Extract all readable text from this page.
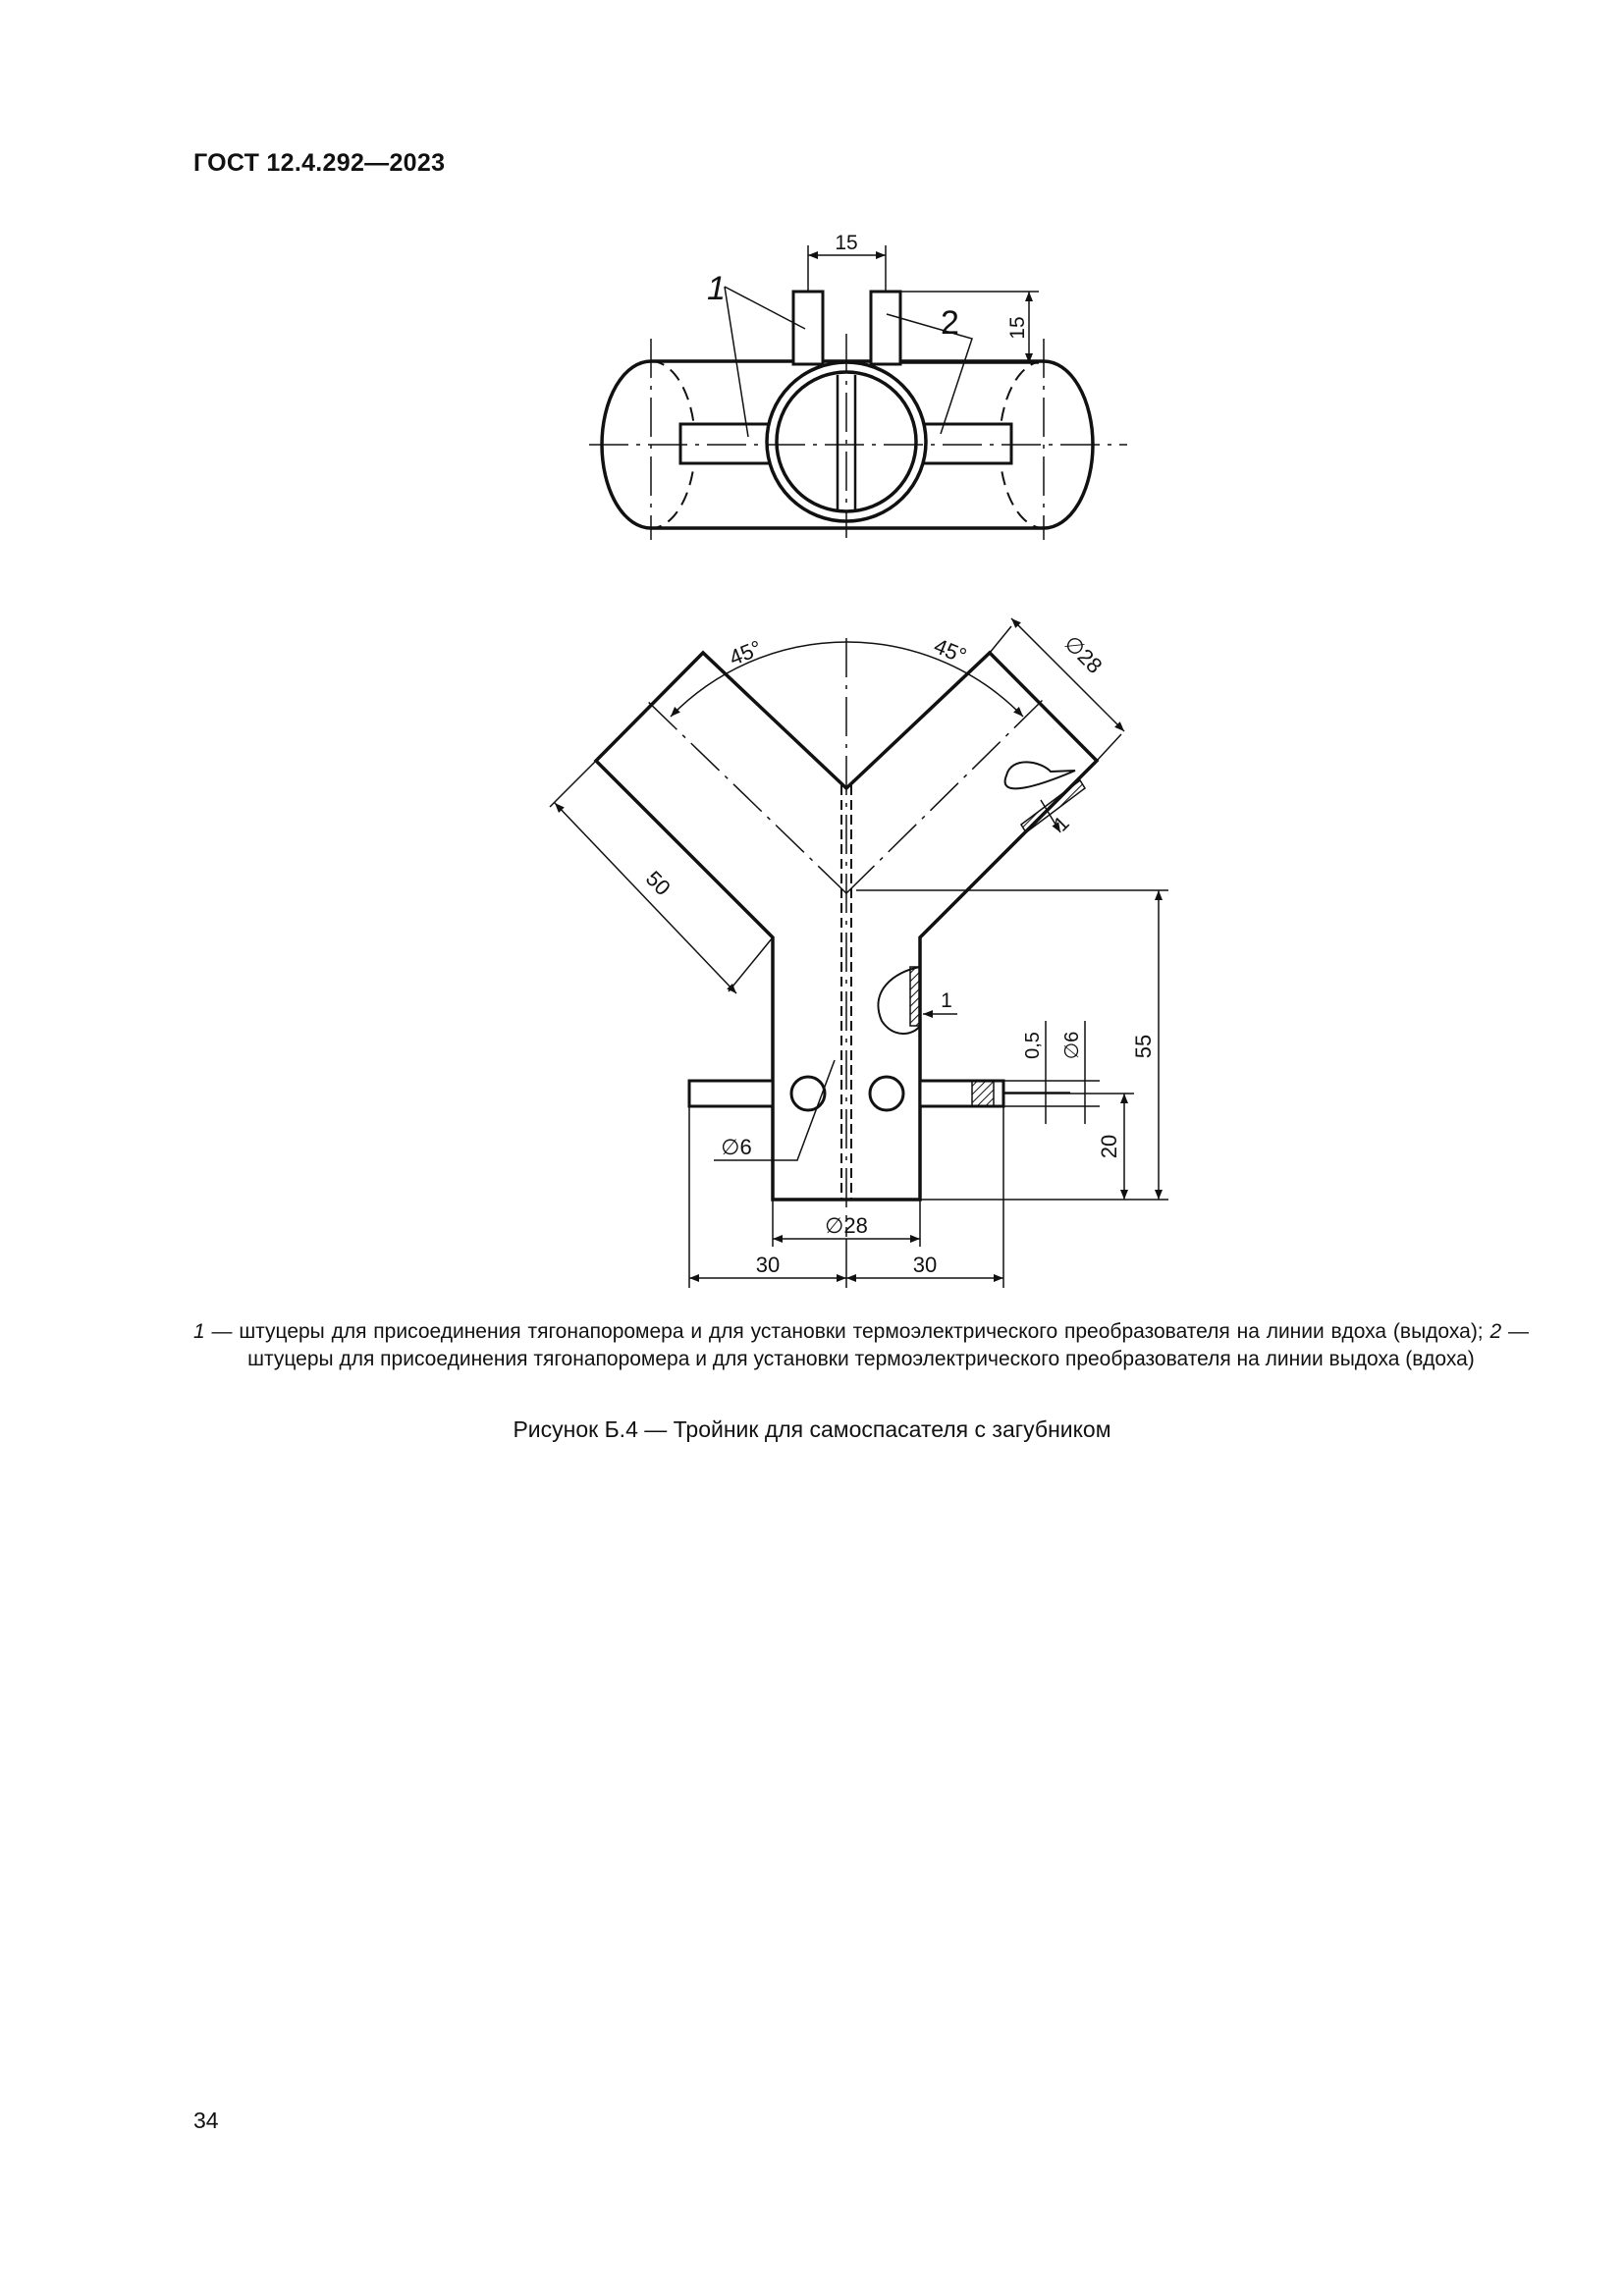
ГОСТ 12.4.292—2023
15
15
1
2
45°	45°	∅28
50
1
1
0,5 ∅6 55
20
∅6
∅28
30	30
1 — штуцеры для присоединения тягонапоромера и для установки термоэлектрического преобразователя на линии вдоха (выдоха); 2 — штуцеры для присоединения тягонапоромера и для установки термоэлектрического преобразователя на линии выдоха (вдоха)
Рисунок Б.4 — Тройник для самоспасателя с загубником
34
